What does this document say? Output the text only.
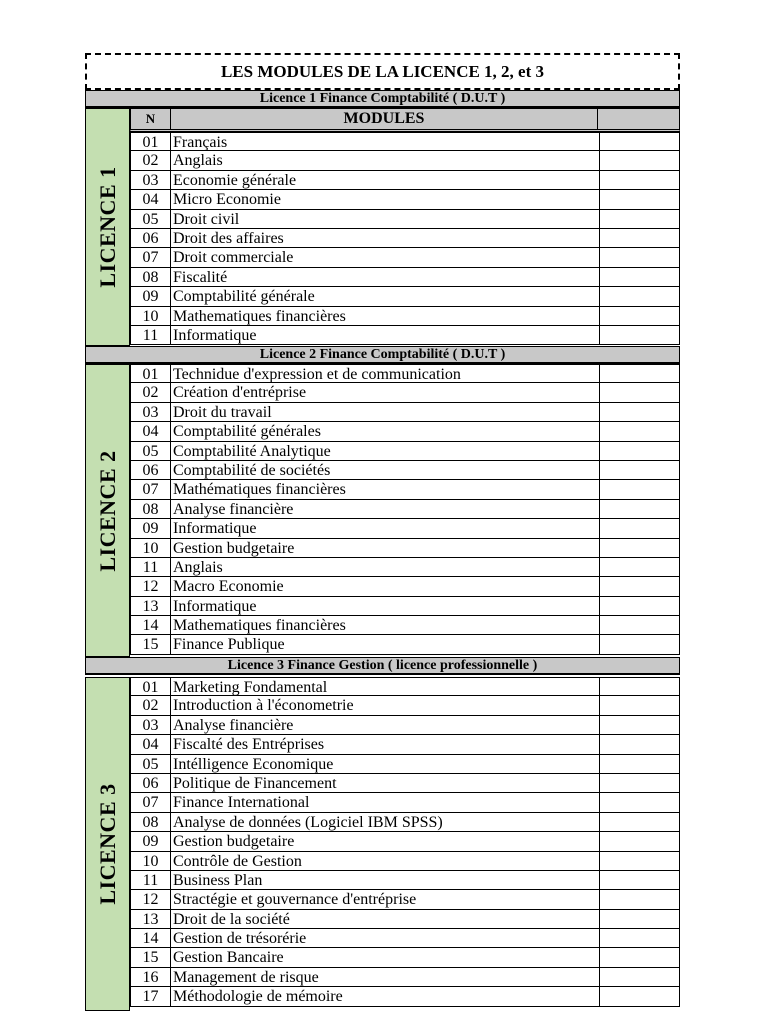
LES MODULES DE LA LICENCE 1, 2, et 3
Licence 1 Finance Comptabilité ( D.U.T )
LICENCE 1
N	MODULES
01 Français
02 Anglais
03 Economie générale
04 Micro Economie
05 Droit civil
06 Droit des affaires
07 Droit commerciale
08 Fiscalité
09 Comptabilité générale
10 Mathematiques financières
11 Informatique
Licence 2 Finance Comptabilité ( D.U.T )
LICENCE 2
01 Technidue d'expression et de communication
02 Création d'entréprise
03 Droit du travail
04 Comptabilité générales
05 Comptabilité Analytique
06 Comptabilité de sociétés
07 Mathématiques financières
08 Analyse financière
09 Informatique
10 Gestion budgetaire
11 Anglais
12 Macro Economie
13 Informatique
14 Mathematiques financières
15 Finance Publique
Licence 3 Finance Gestion ( licence professionnelle )
LICENCE 3
01 Marketing Fondamental
02 Introduction à l'économetrie
03 Analyse financière
04 Fiscalté des Entréprises
05 Intélligence Economique
06 Politique de Financement
07 Finance International
08 Analyse de données (Logiciel IBM SPSS)
09 Gestion budgetaire
10 Contrôle de Gestion
11 Business Plan
12 Stractégie et gouvernance d'entréprise
13 Droit de la société
14 Gestion de trésorérie
15 Gestion Bancaire
16 Management de risque
17 Méthodologie de mémoire
